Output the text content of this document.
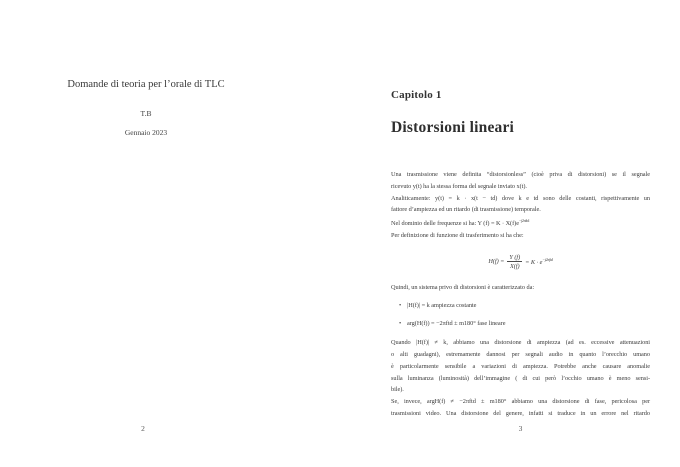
Domande di teoria per l’orale di TLC
T.B
Gennaio 2023
2
Capitolo 1
Distorsioni lineari
Una trasmissione viene definita “distorsionless” (cioè priva di distorsioni) se il segnale
ricevuto y(t) ha la stessa forma del segnale inviato x(t).
Analiticamente: y(t) = k · x(t − td) dove k e td sono delle costanti, rispettivamente un
fattore d’ampiezza ed un ritardo (di trasmissione) temporale.
Nel dominio delle frequenze si ha: Y $(f) = K \cdot X(f)e^{-j2\pi ftd}$
Per definizione di funzione di trasferimento si ha che:
$H(f) = \frac{Y (f)}{X(f)} = K \cdot e^{-j2\pi ftd}$
Quindi, un sistema privo di distorsioni è caratterizzato da:
• |H(f)| = k ampiezza costante
• arg(H(f)) = −2πftd ± m180° fase lineare
Quando |H(f)| ≠ k, abbiamo una distorsione di ampiezza (ad es. eccessive attenuazioni
o alti guadagni), estremamente dannosi per segnali audio in quanto l’orecchio umano
è particolarmente sensibile a variazioni di ampiezza. Potrebbe anche causare anomalie
sulla luminanza (luminosità) dell’immagine ( di cui però l’occhio umano è meno sensi-
bile).
Se, invece, argH(f) ≠ −2πftd ± m180° abbiamo una distorsione di fase, pericolosa per
trasmissioni video. Una distorsione del genere, infatti si traduce in un errore nel ritardo
3
